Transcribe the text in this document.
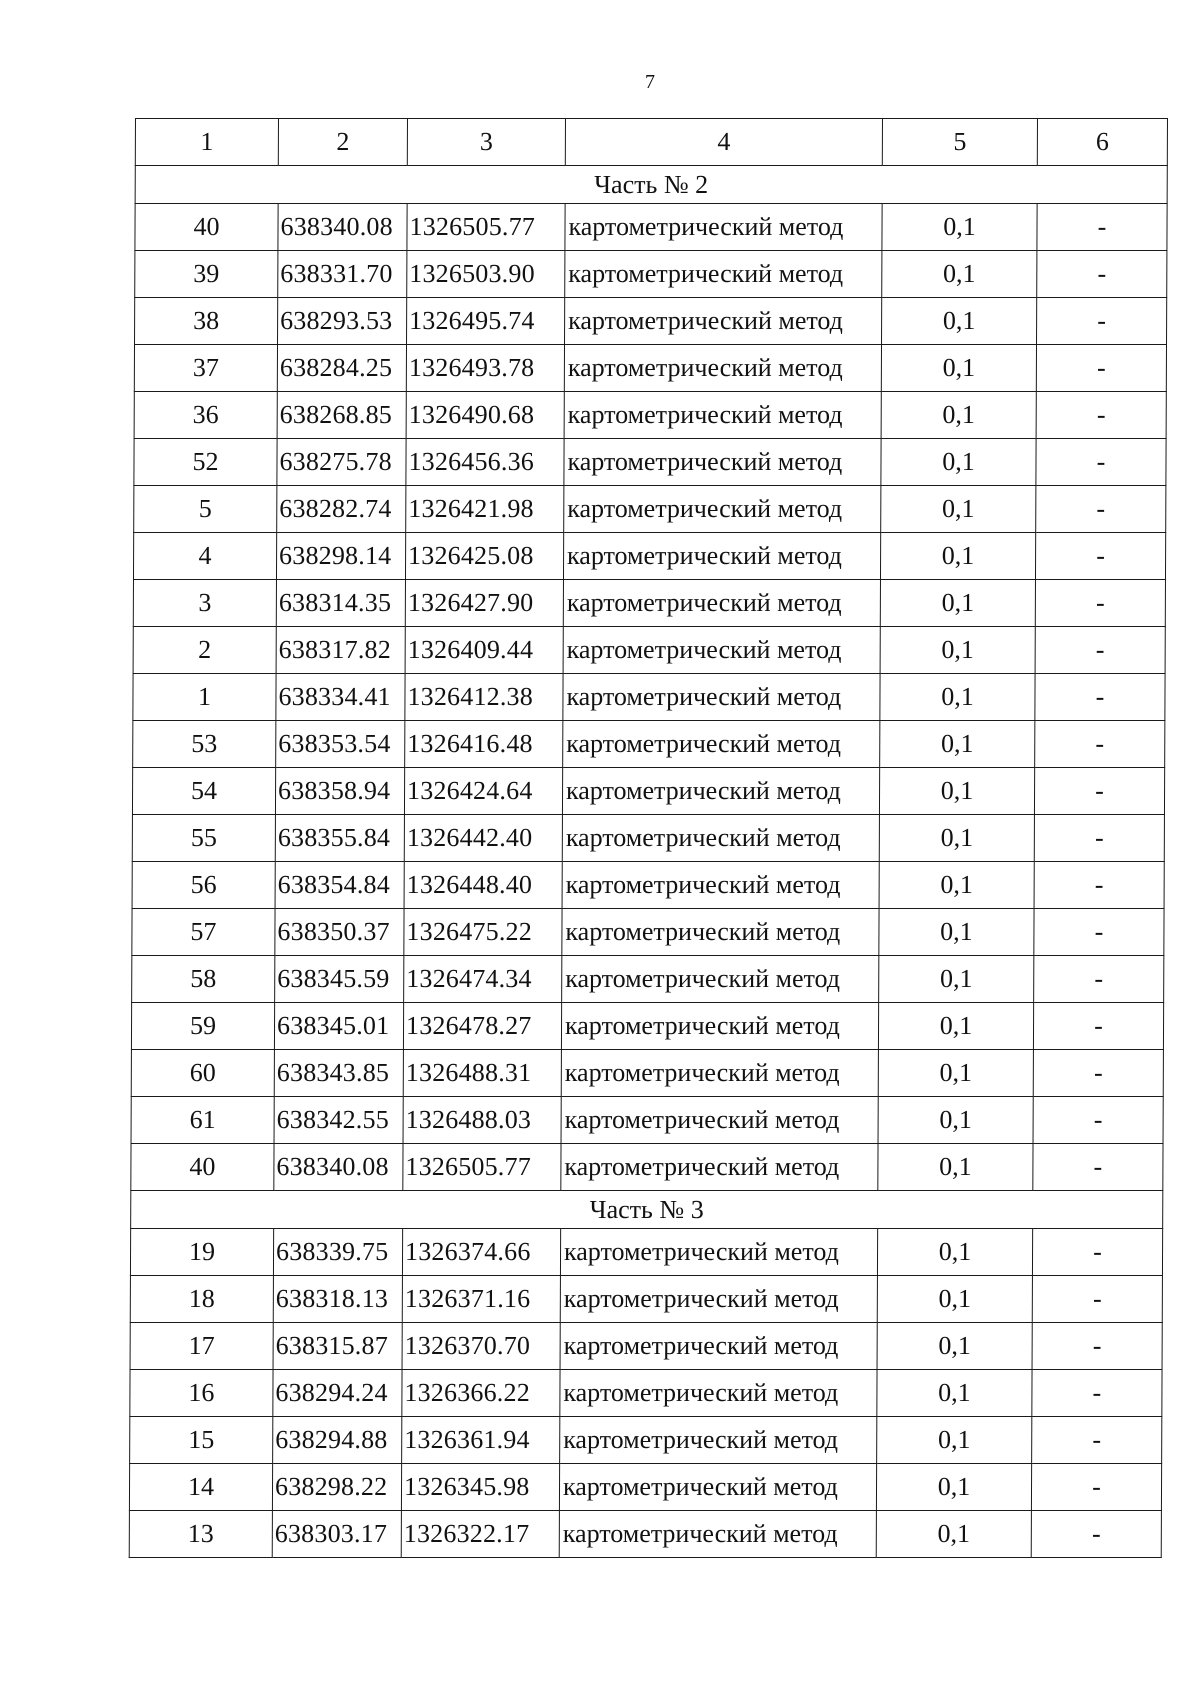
7
1	2	3	4	5	6
Часть № 2					
40	638340.08	1326505.77	картометрический метод	0,1	-
39	638331.70	1326503.90	картометрический метод	0,1	-
38	638293.53	1326495.74	картометрический метод	0,1	-
37	638284.25	1326493.78	картометрический метод	0,1	-
36	638268.85	1326490.68	картометрический метод	0,1	-
52	638275.78	1326456.36	картометрический метод	0,1	-
5	638282.74	1326421.98	картометрический метод	0,1	-
4	638298.14	1326425.08	картометрический метод	0,1	-
3	638314.35	1326427.90	картометрический метод	0,1	-
2	638317.82	1326409.44	картометрический метод	0,1	-
1	638334.41	1326412.38	картометрический метод	0,1	-
53	638353.54	1326416.48	картометрический метод	0,1	-
54	638358.94	1326424.64	картометрический метод	0,1	-
55	638355.84	1326442.40	картометрический метод	0,1	-
56	638354.84	1326448.40	картометрический метод	0,1	-
57	638350.37	1326475.22	картометрический метод	0,1	-
58	638345.59	1326474.34	картометрический метод	0,1	-
59	638345.01	1326478.27	картометрический метод	0,1	-
60	638343.85	1326488.31	картометрический метод	0,1	-
61	638342.55	1326488.03	картометрический метод	0,1	-
40	638340.08	1326505.77	картометрический метод	0,1	-
Часть № 3					
19	638339.75	1326374.66	картометрический метод	0,1	-
18	638318.13	1326371.16	картометрический метод	0,1	-
17	638315.87	1326370.70	картометрический метод	0,1	-
16	638294.24	1326366.22	картометрический метод	0,1	-
15	638294.88	1326361.94	картометрический метод	0,1	-
14	638298.22	1326345.98	картометрический метод	0,1	-
13	638303.17	1326322.17	картометрический метод	0,1	-
